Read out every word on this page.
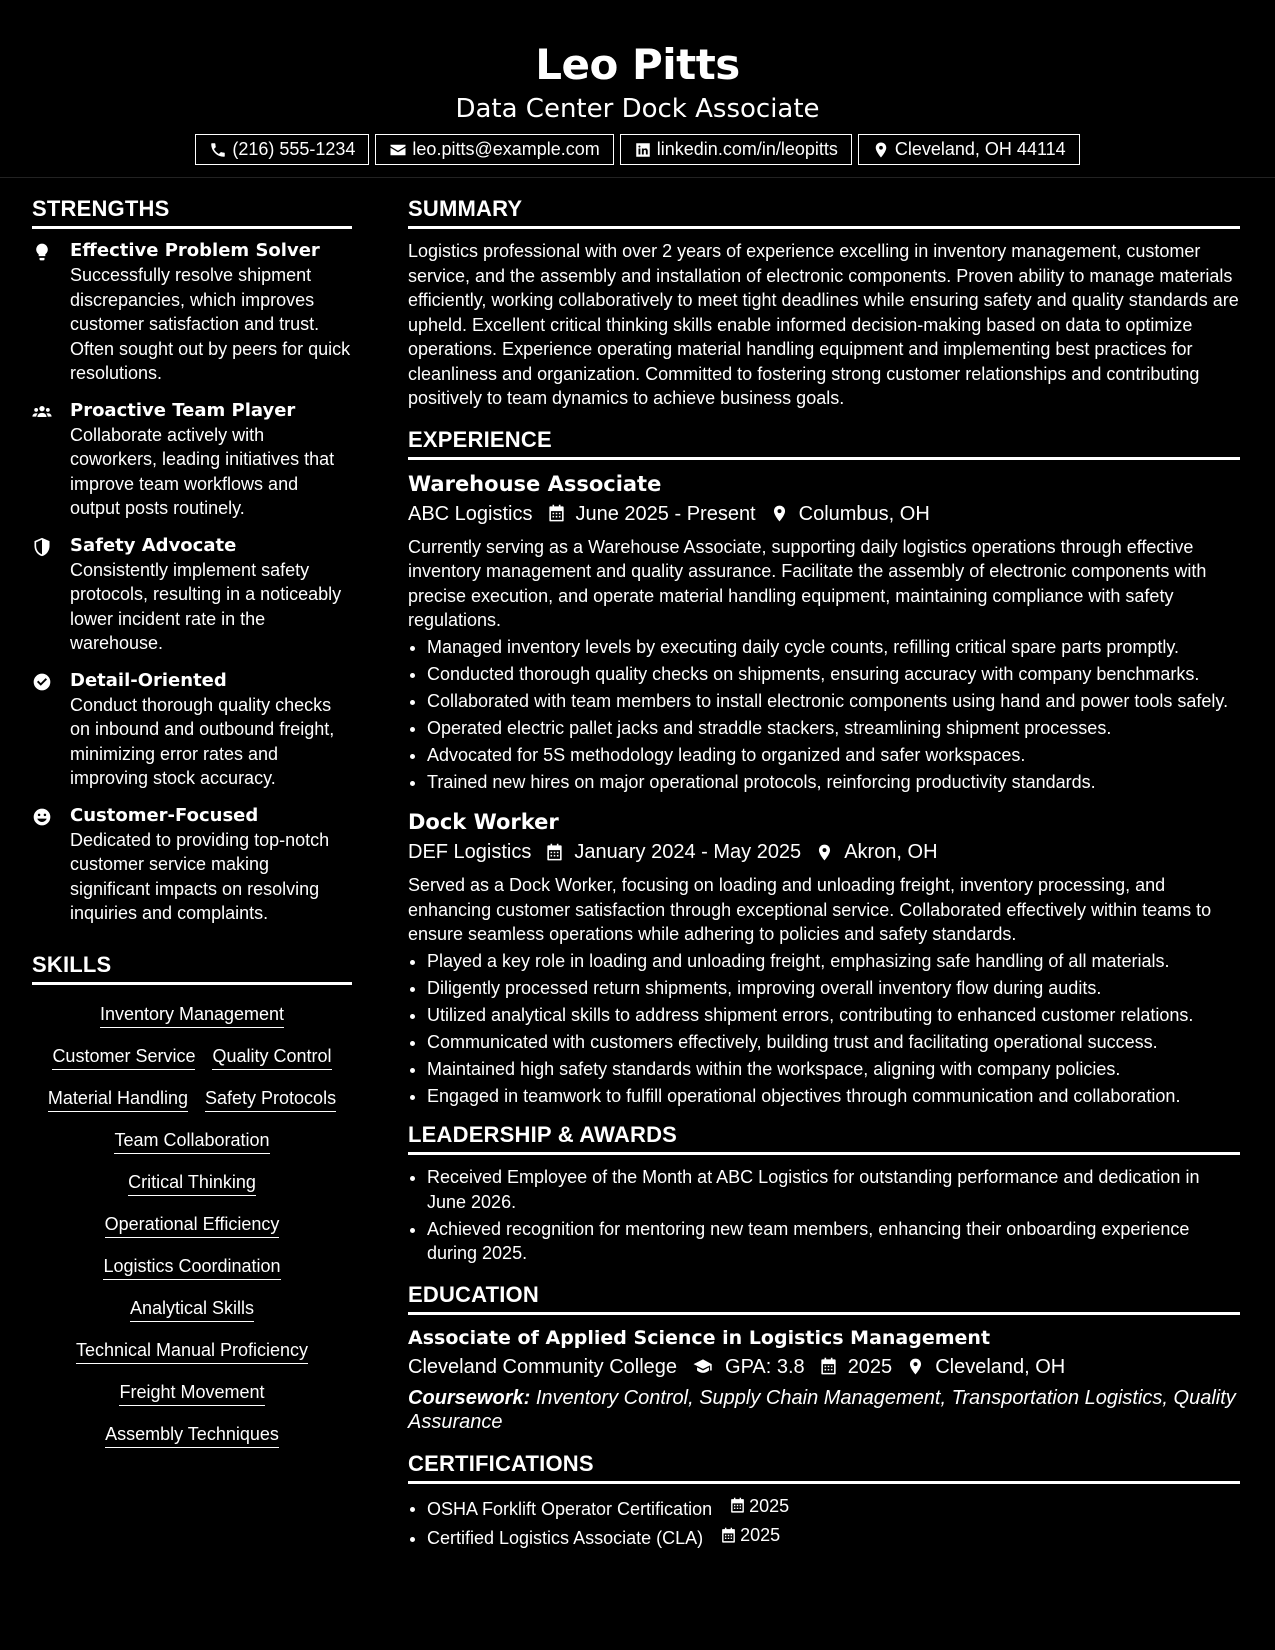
Leo Pitts
Data Center Dock Associate
(216) 555-1234	leo.pitts@example.com	linkedin.com/in/leopitts	Cleveland, OH 44114
STRENGTHS
Effective Problem Solver
Successfully resolve shipment discrepancies, which improves customer satisfaction and trust. Often sought out by peers for quick resolutions.
Proactive Team Player
Collaborate actively with coworkers, leading initiatives that improve team workflows and output posts routinely.
Safety Advocate
Consistently implement safety protocols, resulting in a noticeably lower incident rate in the warehouse.
Detail-Oriented
Conduct thorough quality checks on inbound and outbound freight, minimizing error rates and improving stock accuracy.
Customer-Focused
Dedicated to providing top-notch customer service making significant impacts on resolving inquiries and complaints.
SKILLS
Inventory Management
Customer Service Quality Control
Material Handling Safety Protocols
Team Collaboration
Critical Thinking
Operational Efficiency
Logistics Coordination
Analytical Skills
Technical Manual Proficiency
Freight Movement
Assembly Techniques
SUMMARY
Logistics professional with over 2 years of experience excelling in inventory management, customer service, and the assembly and installation of electronic components. Proven ability to manage materials efficiently, working collaboratively to meet tight deadlines while ensuring safety and quality standards are upheld. Excellent critical thinking skills enable informed decision-making based on data to optimize operations. Experience operating material handling equipment and implementing best practices for cleanliness and organization. Committed to fostering strong customer relationships and contributing positively to team dynamics to achieve business goals.
EXPERIENCE
Warehouse Associate
ABC Logistics June 2025 - Present Columbus, OH
Currently serving as a Warehouse Associate, supporting daily logistics operations through effective inventory management and quality assurance. Facilitate the assembly of electronic components with precise execution, and operate material handling equipment, maintaining compliance with safety regulations.
• Managed inventory levels by executing daily cycle counts, refilling critical spare parts promptly.
• Conducted thorough quality checks on shipments, ensuring accuracy with company benchmarks.
• Collaborated with team members to install electronic components using hand and power tools safely.
• Operated electric pallet jacks and straddle stackers, streamlining shipment processes.
• Advocated for 5S methodology leading to organized and safer workspaces.
• Trained new hires on major operational protocols, reinforcing productivity standards.
Dock Worker
DEF Logistics January 2024 - May 2025 Akron, OH
Served as a Dock Worker, focusing on loading and unloading freight, inventory processing, and enhancing customer satisfaction through exceptional service. Collaborated effectively within teams to ensure seamless operations while adhering to policies and safety standards.
• Played a key role in loading and unloading freight, emphasizing safe handling of all materials.
• Diligently processed return shipments, improving overall inventory flow during audits.
• Utilized analytical skills to address shipment errors, contributing to enhanced customer relations.
• Communicated with customers effectively, building trust and facilitating operational success.
• Maintained high safety standards within the workspace, aligning with company policies.
• Engaged in teamwork to fulfill operational objectives through communication and collaboration.
LEADERSHIP & AWARDS
• Received Employee of the Month at ABC Logistics for outstanding performance and dedication in June 2026.
• Achieved recognition for mentoring new team members, enhancing their onboarding experience during 2025.
EDUCATION
Associate of Applied Science in Logistics Management
Cleveland Community College GPA: 3.8 2025 Cleveland, OH
Coursework: Inventory Control, Supply Chain Management, Transportation Logistics, Quality Assurance
CERTIFICATIONS
• OSHA Forklift Operator Certification 2025
• Certified Logistics Associate (CLA) 2025
